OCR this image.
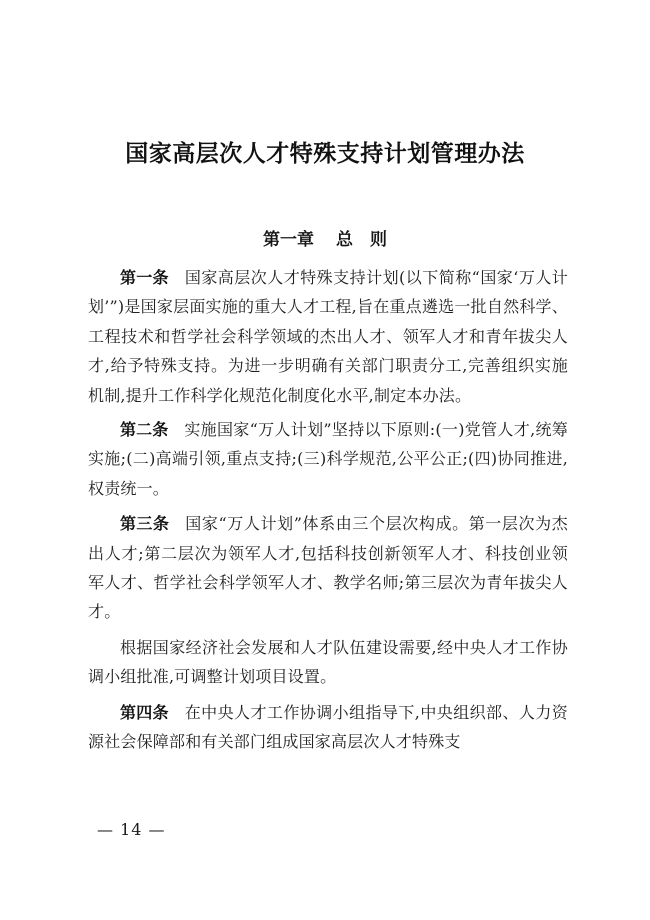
国家高层次人才特殊支持计划管理办法
第一章 总　则

第一条 国家高层次人才特殊支持计划(以下简称“国家‘万人计划’”)是国家层面实施的重大人才工程,旨在重点遴选一批自然科学、工程技术和哲学社会科学领域的杰出人才、领军人才和青年拔尖人才,给予特殊支持。为进一步明确有关部门职责分工,完善组织实施机制,提升工作科学化规范化制度化水平,制定本办法。

第二条 实施国家“万人计划”坚持以下原则:(一)党管人才,统筹实施;(二)高端引领,重点支持;(三)科学规范,公平公正;(四)协同推进,权责统一。

第三条 国家“万人计划”体系由三个层次构成。第一层次为杰出人才;第二层次为领军人才,包括科技创新领军人才、科技创业领军人才、哲学社会科学领军人才、教学名师;第三层次为青年拔尖人才。

根据国家经济社会发展和人才队伍建设需要,经中央人才工作协调小组批准,可调整计划项目设置。

第四条 在中央人才工作协调小组指导下,中央组织部、人力资源社会保障部和有关部门组成国家高层次人才特殊支

— 14 —
